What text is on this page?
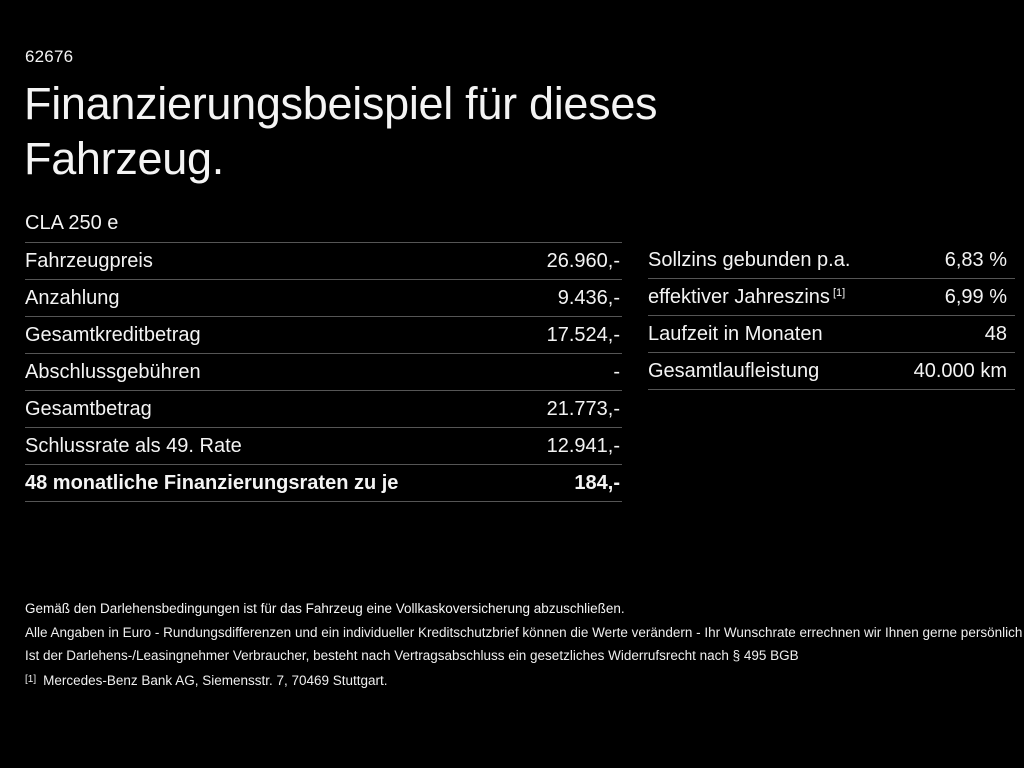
62676
Finanzierungsbeispiel für dieses
Fahrzeug.
CLA 250 e
Fahrzeugpreis	26.960,-
Anzahlung	9.436,-
Gesamtkreditbetrag	17.524,-
Abschlussgebühren	-
Gesamtbetrag	21.773,-
Schlussrate als 49. Rate	12.941,-
48 monatliche Finanzierungsraten zu je	184,-
Sollzins gebunden p.a.	6,83 %
effektiver Jahreszins [1]	6,99 %
Laufzeit in Monaten	48
Gesamtlaufleistung	40.000 km
Gemäß den Darlehensbedingungen ist für das Fahrzeug eine Vollkaskoversicherung abzuschließen.
Alle Angaben in Euro - Rundungsdifferenzen und ein individueller Kreditschutzbrief können die Werte verändern - Ihr Wunschrate errechnen wir Ihnen gerne persönlich
Ist der Darlehens-/Leasingnehmer Verbraucher, besteht nach Vertragsabschluss ein gesetzliches Widerrufsrecht nach § 495 BGB
[1] Mercedes-Benz Bank AG, Siemensstr. 7, 70469 Stuttgart.
